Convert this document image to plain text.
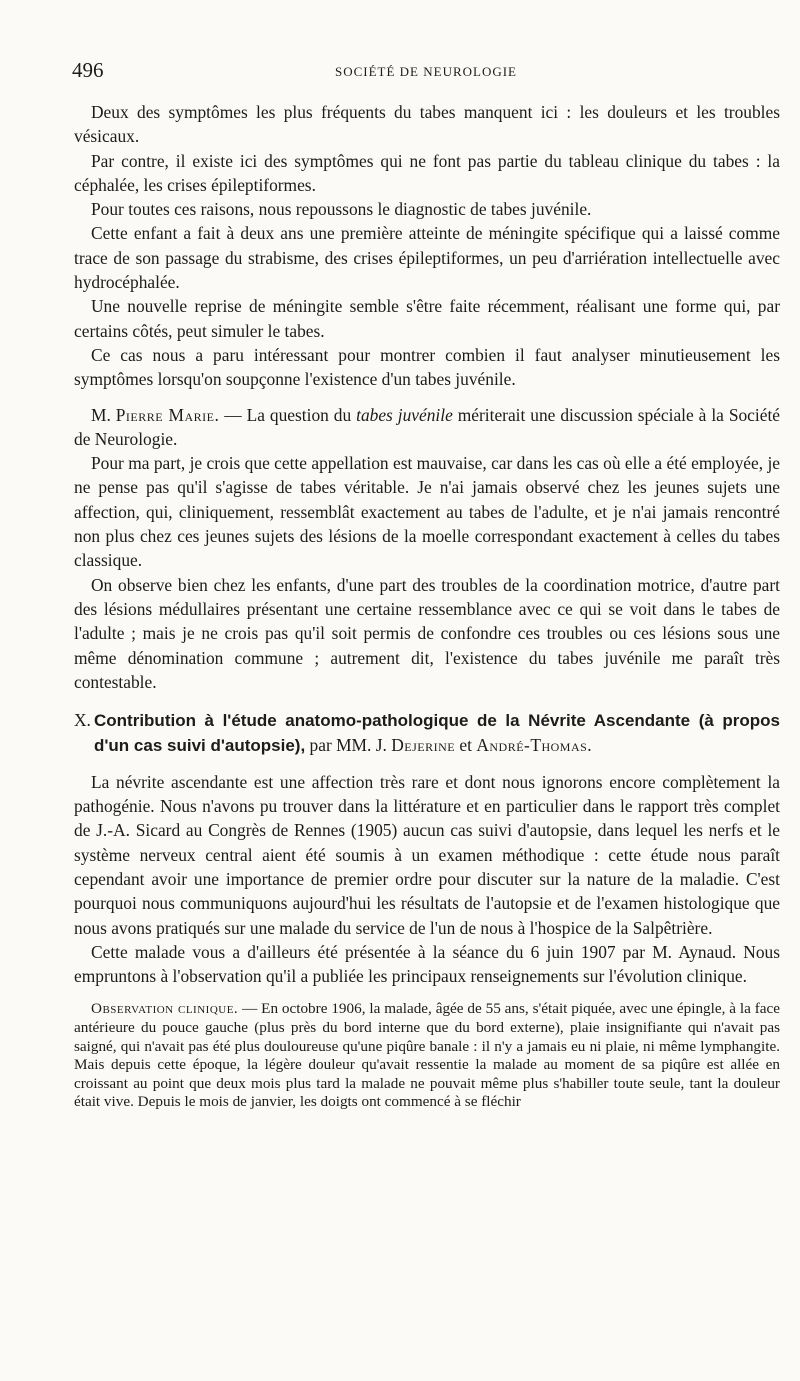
496	SOCIÉTÉ DE NEUROLOGIE

Deux des symptômes les plus fréquents du tabes manquent ici : les douleurs et les troubles vésicaux.

Par contre, il existe ici des symptômes qui ne font pas partie du tableau clinique du tabes : la céphalée, les crises épileptiformes.

Pour toutes ces raisons, nous repoussons le diagnostic de tabes juvénile.

Cette enfant a fait à deux ans une première atteinte de méningite spécifique qui a laissé comme trace de son passage du strabisme, des crises épileptiformes, un peu d'arriération intellectuelle avec hydrocéphalée.

Une nouvelle reprise de méningite semble s'être faite récemment, réalisant une forme qui, par certains côtés, peut simuler le tabes.

Ce cas nous a paru intéressant pour montrer combien il faut analyser minutieusement les symptômes lorsqu'on soupçonne l'existence d'un tabes juvénile.

M. Pierre Marie. — La question du tabes juvénile mériterait une discussion spéciale à la Société de Neurologie.

Pour ma part, je crois que cette appellation est mauvaise, car dans les cas où elle a été employée, je ne pense pas qu'il s'agisse de tabes véritable. Je n'ai jamais observé chez les jeunes sujets une affection, qui, cliniquement, ressemblât exactement au tabes de l'adulte, et je n'ai jamais rencontré non plus chez ces jeunes sujets des lésions de la moelle correspondant exactement à celles du tabes classique.

On observe bien chez les enfants, d'une part des troubles de la coordination motrice, d'autre part des lésions médullaires présentant une certaine ressemblance avec ce qui se voit dans le tabes de l'adulte ; mais je ne crois pas qu'il soit permis de confondre ces troubles ou ces lésions sous une même dénomination commune ; autrement dit, l'existence du tabes juvénile me paraît très contestable.

X. Contribution à l'étude anatomo-pathologique de la Névrite Ascendante (à propos d'un cas suivi d'autopsie), par MM. J. Dejerine et André-Thomas.

La névrite ascendante est une affection très rare et dont nous ignorons encore complètement la pathogénie. Nous n'avons pu trouver dans la littérature et en particulier dans le rapport très complet de J.-A. Sicard au Congrès de Rennes (1905) aucun cas suivi d'autopsie, dans lequel les nerfs et le système nerveux central aient été soumis à un examen méthodique : cette étude nous paraît cependant avoir une importance de premier ordre pour discuter sur la nature de la maladie. C'est pourquoi nous communiquons aujourd'hui les résultats de l'autopsie et de l'examen histologique que nous avons pratiqués sur une malade du service de l'un de nous à l'hospice de la Salpêtrière.

Cette malade vous a d'ailleurs été présentée à la séance du 6 juin 1907 par M. Aynaud. Nous empruntons à l'observation qu'il a publiée les principaux renseignements sur l'évolution clinique.

Observation clinique. — En octobre 1906, la malade, âgée de 55 ans, s'était piquée, avec une épingle, à la face antérieure du pouce gauche (plus près du bord interne que du bord externe), plaie insignifiante qui n'avait pas saigné, qui n'avait pas été plus douloureuse qu'une piqûre banale : il n'y a jamais eu ni plaie, ni même lymphangite. Mais depuis cette époque, la légère douleur qu'avait ressentie la malade au moment de sa piqûre est allée en croissant au point que deux mois plus tard la malade ne pouvait même plus s'habiller toute seule, tant la douleur était vive. Depuis le mois de janvier, les doigts ont commencé à se fléchir
